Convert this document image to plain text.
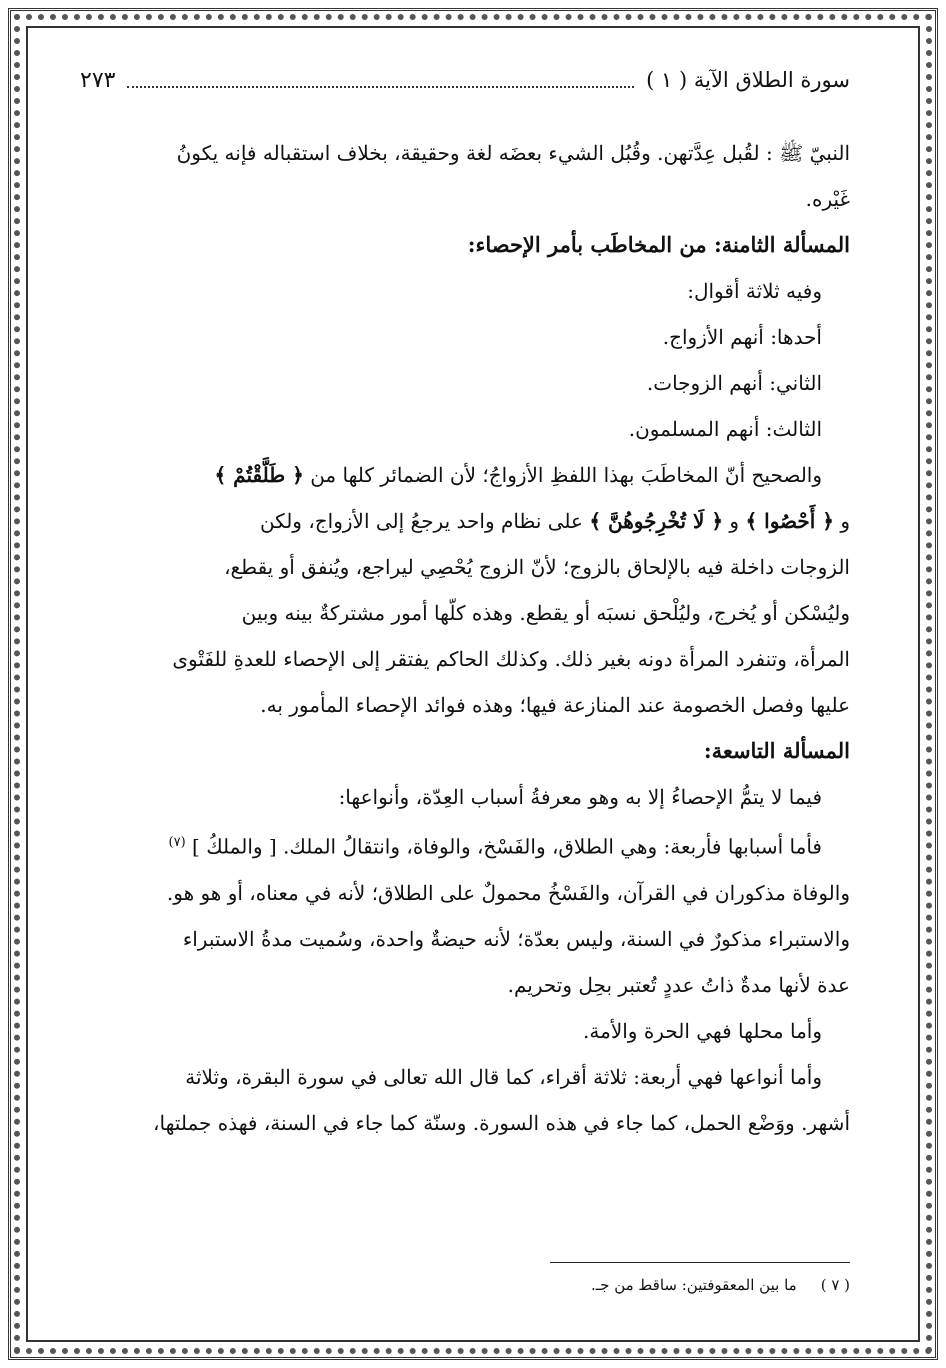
سورة الطلاق الآية ( ١ )
٢٧٣

النبيّ ﷺ : لقُبل عِدَّتهن. وقُبُل الشيء بعضَه لغة وحقيقة، بخلاف استقباله فإنه يكونُ

غَيْره.

المسألة الثامنة: من المخاطَب بأمر الإحصاء:

وفيه ثلاثة أقوال:

أحدها: أنهم الأزواج.

الثاني: أنهم الزوجات.

الثالث: أنهم المسلمون.

والصحيح أنّ المخاطَبَ بهذا اللفظِ الأزواجُ؛ لأن الضمائر كلها من ﴿ طَلَّقْتُمْ ﴾

و ﴿ أَحْصُوا ﴾ و ﴿ لَا تُخْرِجُوهُنَّ ﴾ على نظام واحد يرجعُ إلى الأزواج، ولكن

الزوجات داخلة فيه بالإلحاق بالزوج؛ لأنّ الزوج يُحْصِي ليراجع، ويُنفق أو يقطع،

وليُسْكن أو يُخرج، وليُلْحق نسبَه أو يقطع. وهذه كلّها أمور مشتركةٌ بينه وبين

المرأة، وتنفرد المرأة دونه بغير ذلك. وكذلك الحاكم يفتقر إلى الإحصاء للعدةِ للفَتْوى

عليها وفصل الخصومة عند المنازعة فيها؛ وهذه فوائد الإحصاء المأمور به.

المسألة التاسعة:

فيما لا يتمُّ الإحصاءُ إلا به وهو معرفةُ أسباب العِدّة، وأنواعها:

فأما أسبابها فأربعة: وهي الطلاق، والفَسْخ، والوفاة، وانتقالُ الملك. [ والملكُ ] $^{(٧)}$

والوفاة مذكوران في القرآن، والفَسْخُ محمولٌ على الطلاق؛ لأنه في معناه، أو هو هو.

والاستبراء مذكورٌ في السنة، وليس بعدّة؛ لأنه حيضةٌ واحدة، وسُميت مدةُ الاستبراء

عدة لأنها مدةٌ ذاتُ عددٍ تُعتبر بحِل وتحريم.

وأما محلها فهي الحرة والأمة.

وأما أنواعها فهي أربعة: ثلاثة أقراء، كما قال الله تعالى في سورة البقرة، وثلاثة

أشهر. ووَضْع الحمل، كما جاء في هذه السورة. وسنّة كما جاء في السنة، فهذه جملتها،

( ٧ )
ما بين المعقوفتين: ساقط من جـ.
